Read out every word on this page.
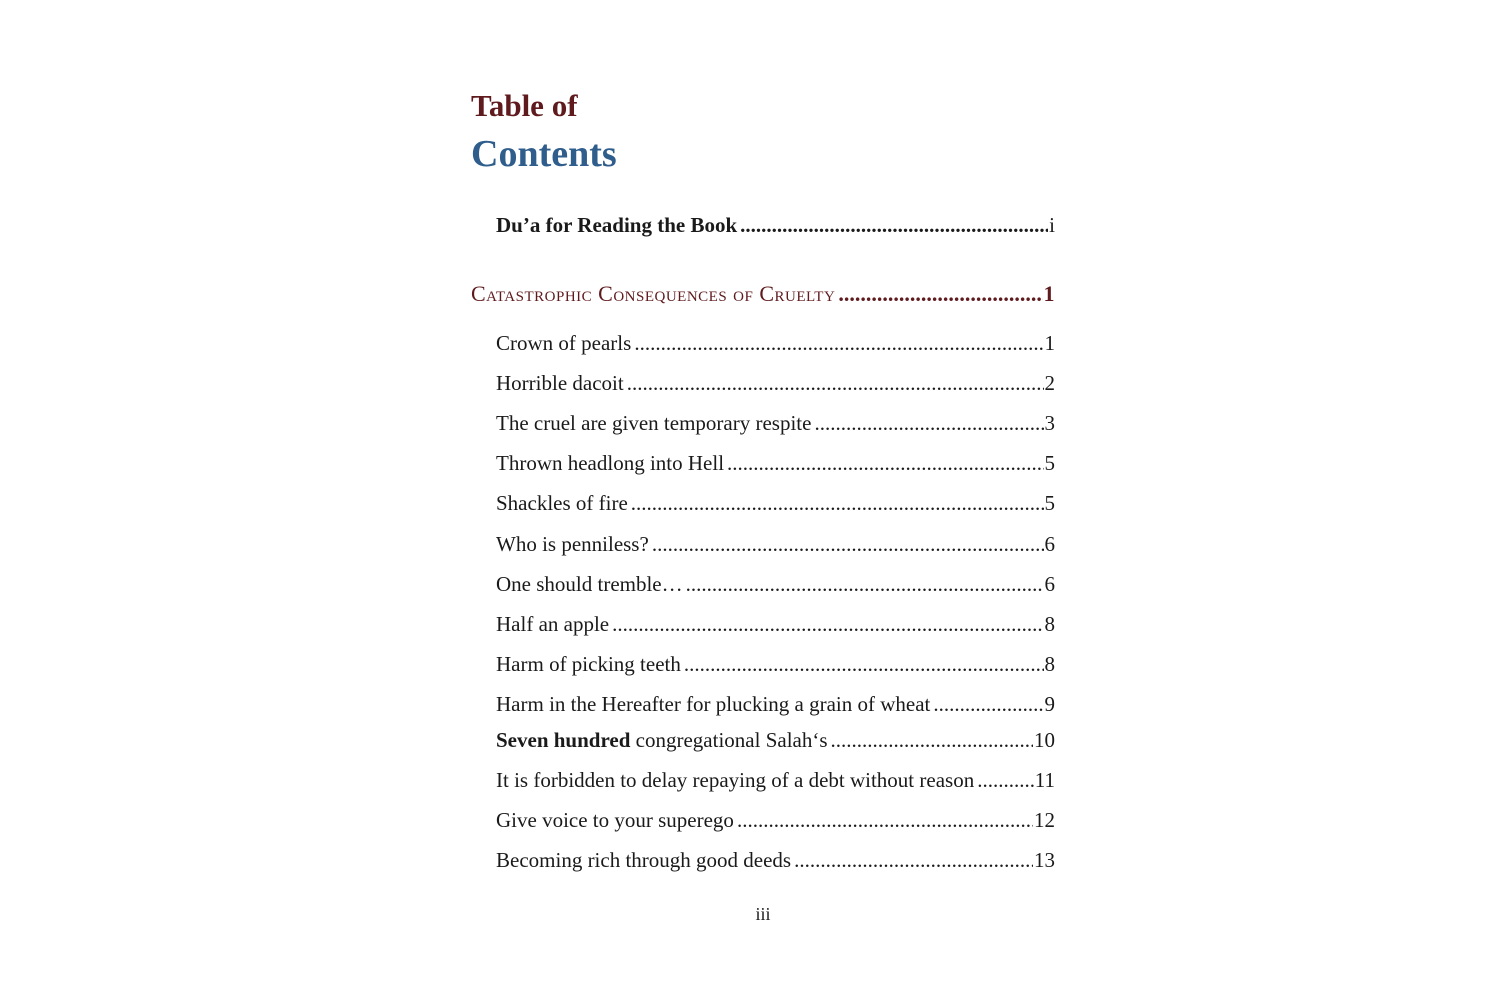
Table of
Contents
Du’a for Reading the Book .....	i
Catastrophic Consequences of Cruelty .....	1
Crown of pearls .....	1
Horrible dacoit .....	2
The cruel are given temporary respite .....	3
Thrown headlong into Hell .....	5
Shackles of fire .....	5
Who is penniless? .....	6
One should tremble… .....	6
Half an apple .....	8
Harm of picking teeth .....	8
Harm in the Hereafter for plucking a grain of wheat .....	9
Seven hundred congregational Salah‘s .....	10
It is forbidden to delay repaying of a debt without reason .....	11
Give voice to your superego .....	12
Becoming rich through good deeds .....	13
iii
